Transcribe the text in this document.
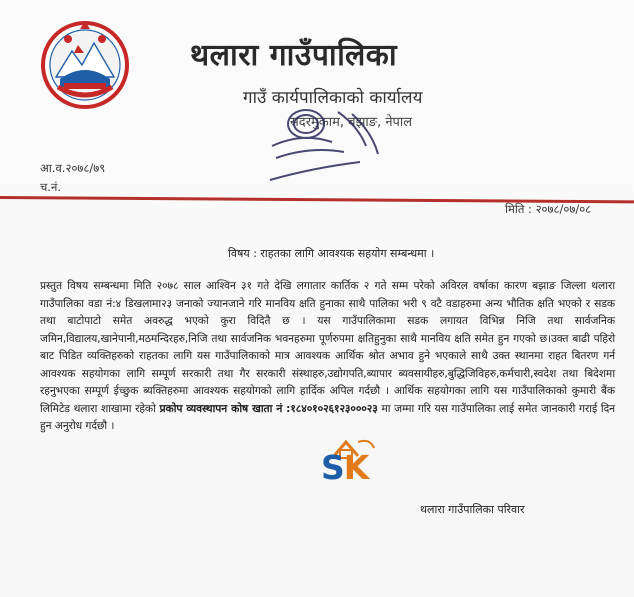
थलारा गाउँपालिका
गाउँ कार्यपालिकाको कार्यालय
सदरमुकाम, बझाङ, नेपाल
आ.व.२०७८/७९
च.नं.
मिति : २०७८/०७/०८
विषय : राहतका लागि आवश्यक सहयोग सम्बन्धमा ।
प्रस्तुत विषय सम्बन्धमा मिति २०७८ साल आश्विन ३१ गते देखि लगातार कार्तिक २ गते सम्म परेको अविरल वर्षाका कारण बझाङ जिल्ला थलारा गाउँपालिका वडा नं:४ डिखलामा२३ जनाको ज्यानजाने गरि मानविय क्षति हुनाका साथै पालिका भरी ९ वटै वडाहरुमा अन्य भौतिक क्षति भएको र सडक तथा बाटोपाटो समेत अवरुद्ध भएको कुरा विदितै छ । यस गाउँपालिकामा सडक लगायत विभिन्न निजि तथा सार्वजनिक जमिन,विद्यालय,खानेपानी,मठमन्दिरहरु,निजि तथा सार्वजनिक भवनहरुमा पूर्णरुपमा क्षतिहुनुका साथै मानविय क्षति समेत हुन गएको छ।उक्त बाढी पहिरो बाट पिडित व्यक्तिहरुको राहतका लागि यस गाउँपालिकाको मात्र आवश्यक आर्थिक श्रोत अभाव हुने भएकाले साथै उक्त स्थानमा राहत बितरण गर्न आवश्यक सहयोगका लागि सम्पूर्ण सरकारी तथा गैर सरकारी संस्थाहरु,उद्योगपति,ब्यापार ब्यवसायीहरु,बुद्धिजिविहरु,कर्मचारी,स्वदेश तथा बिदेशमा रहनुभएका सम्पूर्ण ईच्छुक ब्यक्तिहरुमा आवश्यक सहयोगको लागि हार्दिक अपिल गर्दछौ । आर्थिक सहयोगका लागि यस गाउँपालिकाको कुमारी बैंक लिमिटेड थलारा शाखामा रहेको प्रकोप व्यवस्थापन कोष खाता नं :१८४०१०२६१२३०००२३ मा जम्मा गरि यस गाउँपालिका लाई समेत जानकारी गराई दिन हुन अनुरोध गर्दछौ ।
SK
थलारा गाउँपालिका परिवार
